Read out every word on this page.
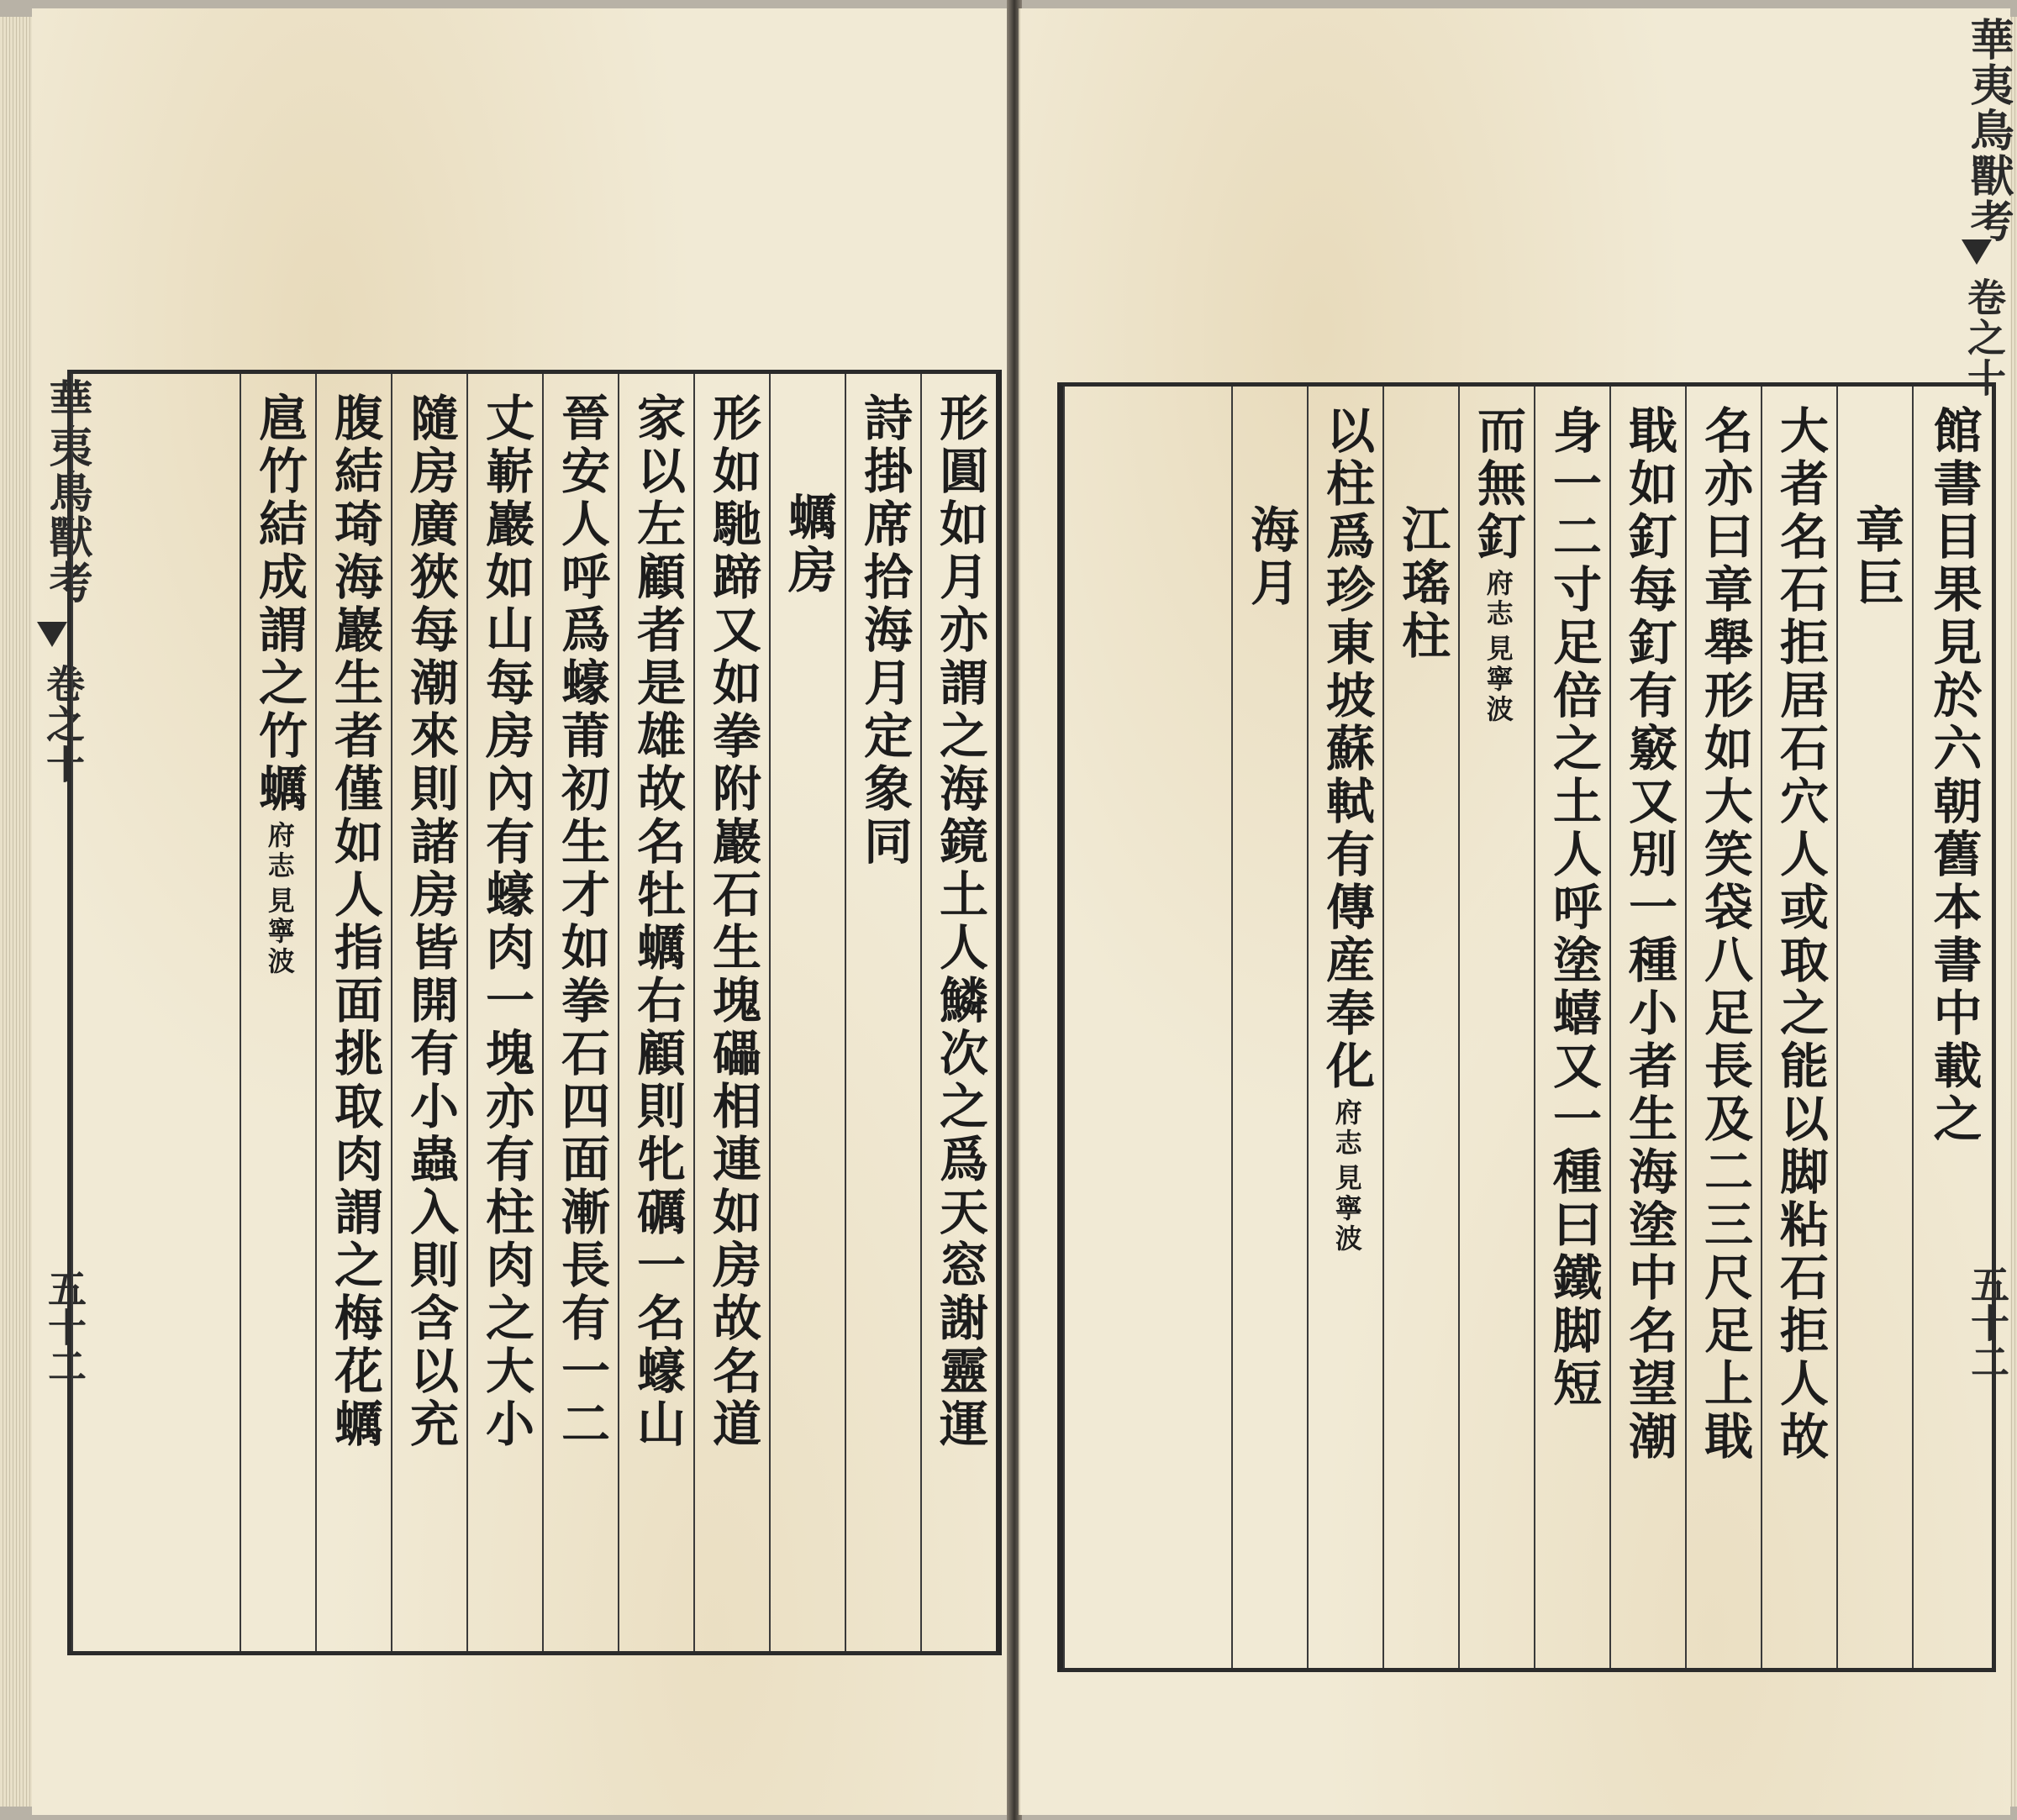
華夷鳥獸考
卷之十
五十二
華夷鳥獸考
卷之十
五十二
形圓如月亦謂之海鏡土人鱗次之爲天窓謝靈運
詩掛席拾海月定象同
蠣房
形如馳蹄又如拳附巖石生塊礧相連如房故名道
家以左顧者是雄故名牡蠣右顧則牝礪一名蠔山
晉安人呼爲蠔莆初生才如拳石四面漸長有一二
丈嶄巖如山每房內有蠔肉一塊亦有柱肉之大小
隨房廣狹每潮來則諸房皆開有小蟲入則含以充
腹結琦海巖生者僅如人指面挑取肉謂之梅花蠣
扈竹結成謂之竹蠣
見寧波
府志	館書目果見於六朝舊本書中載之
章巨
大者名石拒居石穴人或取之能以脚粘石拒人故
名亦曰章舉形如大笑袋八足長及二三尺足上戢
戢如釘每釘有竅又別一種小者生海塗中名望潮
身一二寸足倍之土人呼塗蟢又一種曰鐵脚短
而無釘
見寧波
府志
江瑤柱
以柱爲珍東坡蘇軾有傳産奉化
見寧波
府志
海月
